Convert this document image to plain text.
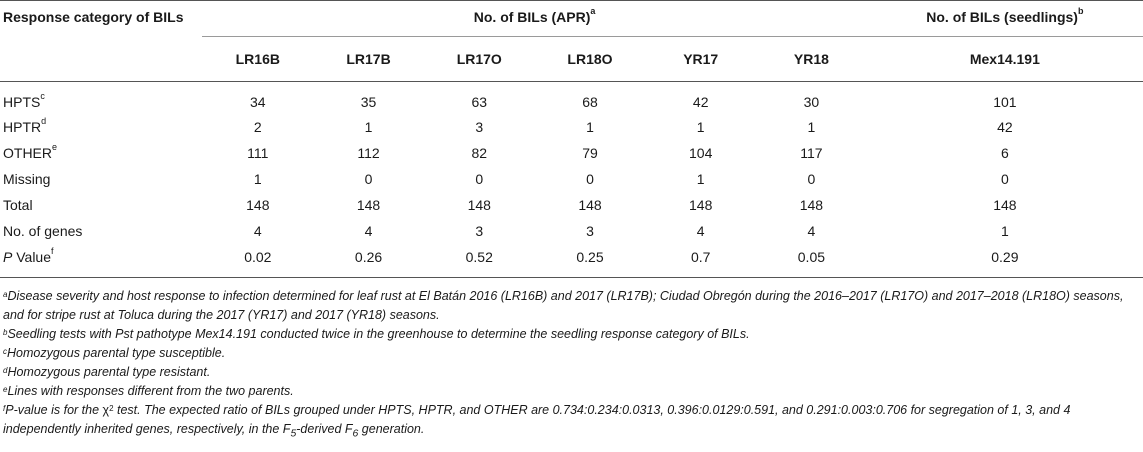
Response category of BILs	No. of BILs (APR)$^a$						No. of BILs (seedlings)$^b$
	LR16B	LR17B	LR17O	LR18O	YR17	YR18	Mex14.191
HPTS$^c$	34	35	63	68	42	30	101
HPTR$^d$	2	1	3	1	1	1	42
OTHER$^e$	111	112	82	79	104	117	6
Missing	1	0	0	0	1	0	0
Total	148	148	148	148	148	148	148
No. of genes	4	4	3	3	4	4	1
P Value$^f$	0.02	0.26	0.52	0.25	0.7	0.05	0.29
$^a$Disease severity and host response to infection determined for leaf rust at El Batán 2016 (LR16B) and 2017 (LR17B); Ciudad Obregón during the 2016–2017 (LR17O) and 2017–2018 (LR18O) seasons, and for stripe rust at Toluca during the 2017 (YR17) and 2017 (YR18) seasons.
$^b$Seedling tests with Pst pathotype Mex14.191 conducted twice in the greenhouse to determine the seedling response category of BILs.
$^c$Homozygous parental type susceptible.
$^d$Homozygous parental type resistant.
$^e$Lines with responses different from the two parents.
$^f$P-value is for the $\chi^2$ test. The expected ratio of BILs grouped under HPTS, HPTR, and OTHER are 0.734:0.234:0.0313, 0.396:0.0129:0.591, and 0.291:0.003:0.706 for segregation of 1, 3, and 4 independently inherited genes, respectively, in the $F_5$-derived $F_6$ generation.
